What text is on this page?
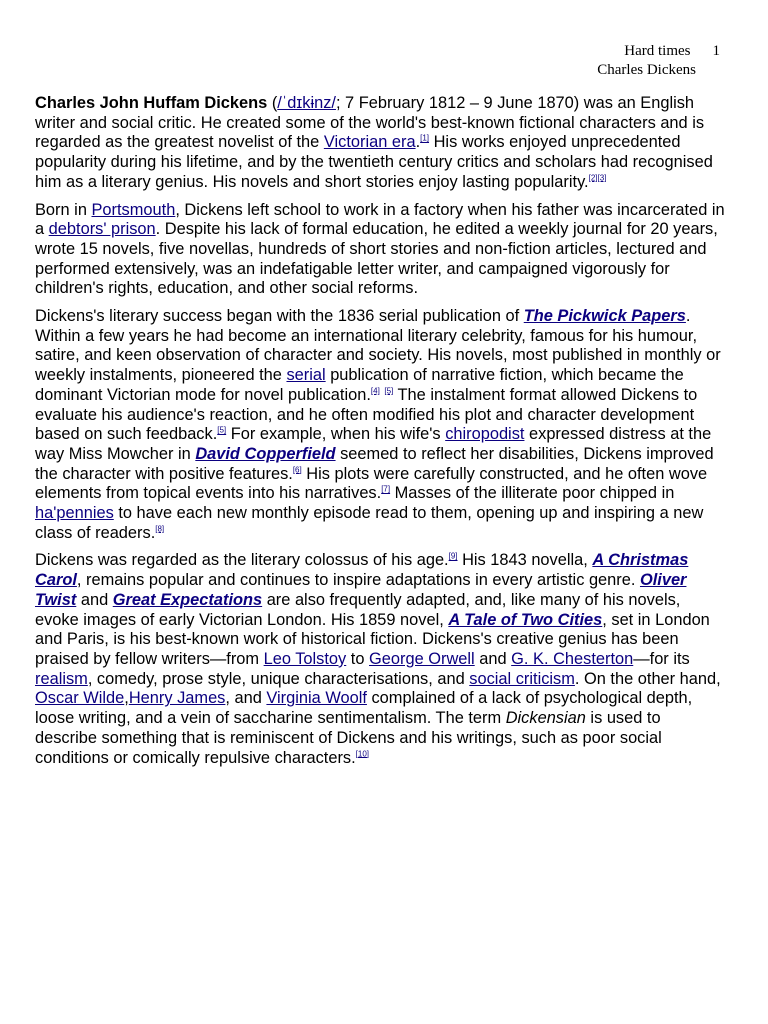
Hard times 1
Charles Dickens

Charles John Huffam Dickens (/ˈdɪkɨnz/; 7 February 1812 – 9 June 1870) was an English writer and social critic. He created some of the world's best-known fictional characters and is regarded as the greatest novelist of the Victorian era.[1] His works enjoyed unprecedented popularity during his lifetime, and by the twentieth century critics and scholars had recognised him as a literary genius. His novels and short stories enjoy lasting popularity.[2][3]

Born in Portsmouth, Dickens left school to work in a factory when his father was incarcerated in a debtors' prison. Despite his lack of formal education, he edited a weekly journal for 20 years, wrote 15 novels, five novellas, hundreds of short stories and non-fiction articles, lectured and performed extensively, was an indefatigable letter writer, and campaigned vigorously for children's rights, education, and other social reforms.

Dickens's literary success began with the 1836 serial publication of The Pickwick Papers. Within a few years he had become an international literary celebrity, famous for his humour, satire, and keen observation of character and society. His novels, most published in monthly or weekly instalments, pioneered the serial publication of narrative fiction, which became the dominant Victorian mode for novel publication.[4] [5] The instalment format allowed Dickens to evaluate his audience's reaction, and he often modified his plot and character development based on such feedback.[5] For example, when his wife's chiropodist expressed distress at the way Miss Mowcher in David Copperfield seemed to reflect her disabilities, Dickens improved the character with positive features.[6] His plots were carefully constructed, and he often wove elements from topical events into his narratives.[7] Masses of the illiterate poor chipped in ha'pennies to have each new monthly episode read to them, opening up and inspiring a new class of readers.[8]

Dickens was regarded as the literary colossus of his age.[9] His 1843 novella, A Christmas Carol, remains popular and continues to inspire adaptations in every artistic genre. Oliver Twist and Great Expectations are also frequently adapted, and, like many of his novels, evoke images of early Victorian London. His 1859 novel, A Tale of Two Cities, set in London and Paris, is his best-known work of historical fiction. Dickens's creative genius has been praised by fellow writers—from Leo Tolstoy to George Orwell and G. K. Chesterton—for its realism, comedy, prose style, unique characterisations, and social criticism. On the other hand, Oscar Wilde,Henry James, and Virginia Woolf complained of a lack of psychological depth, loose writing, and a vein of saccharine sentimentalism. The term Dickensian is used to describe something that is reminiscent of Dickens and his writings, such as poor social conditions or comically repulsive characters.[10]
